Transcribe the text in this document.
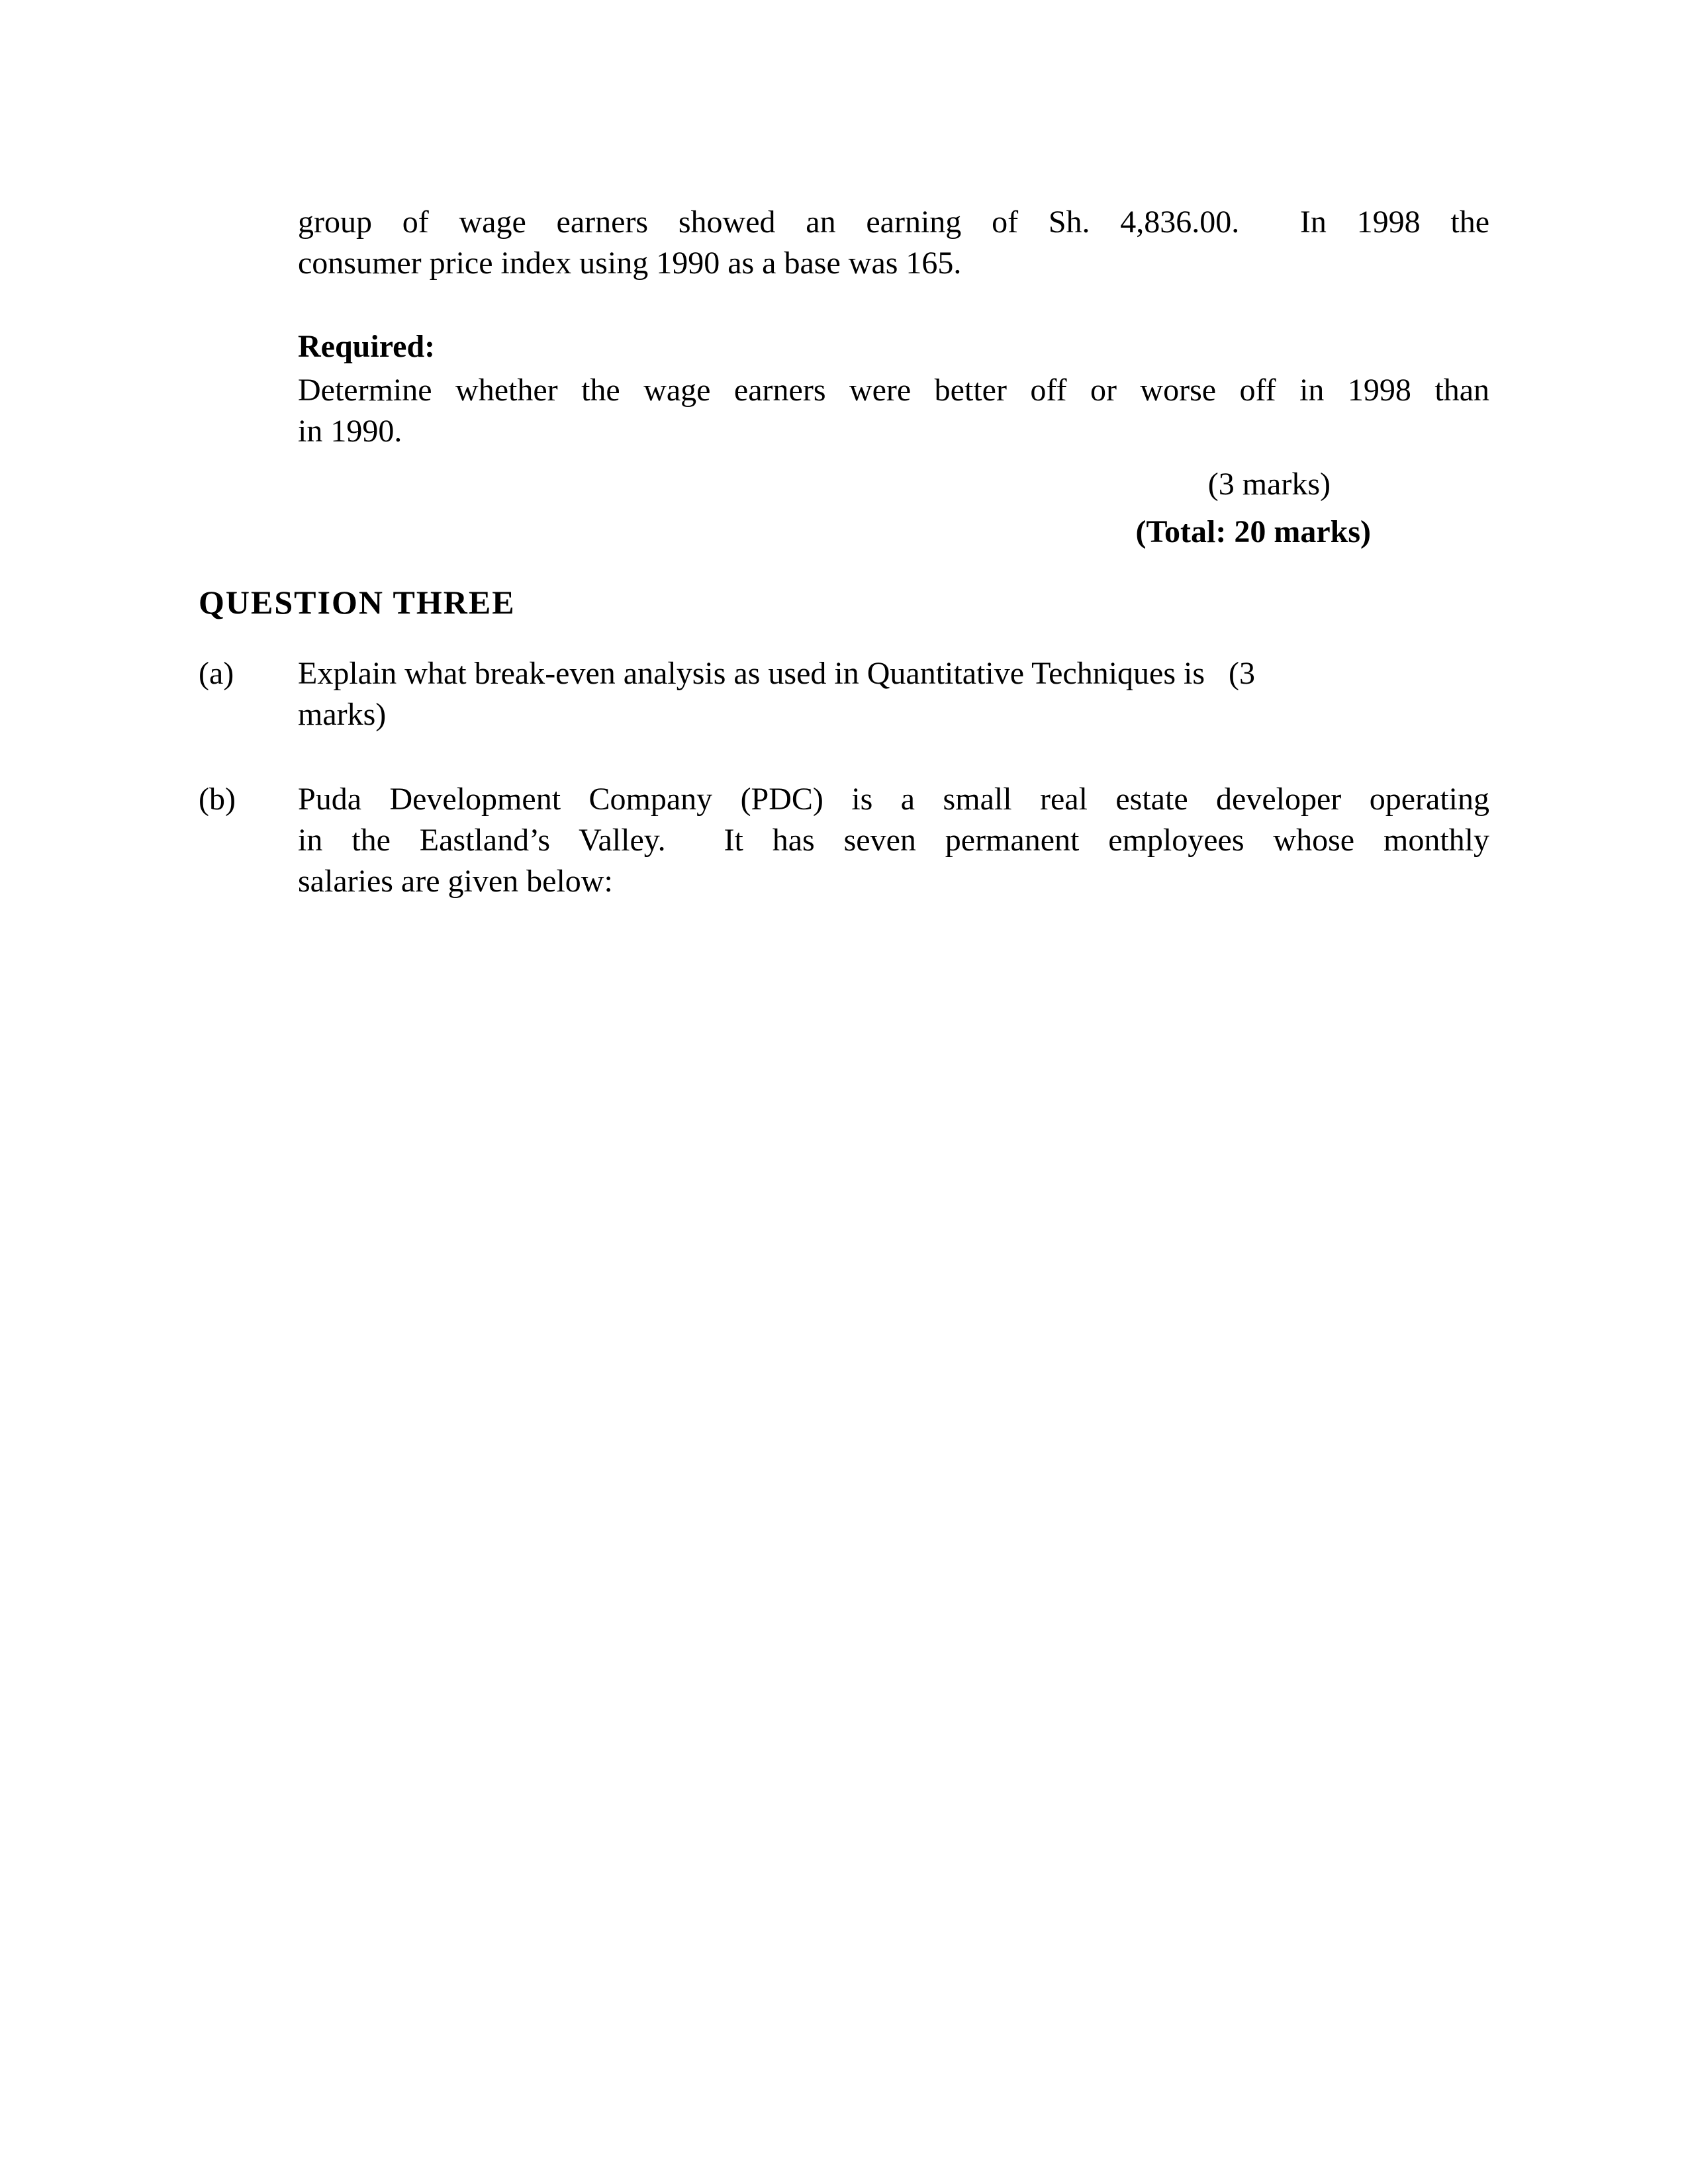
group of wage earners showed an earning of Sh. 4,836.00.  In 1998 the
consumer price index using 1990 as a base was 165.
Required:
Determine whether the wage earners were better off or worse off in 1998 than
in 1990.
(3 marks)
(Total: 20 marks)
QUESTION THREE
(a)	Explain what break-even analysis as used in Quantitative Techniques is   (3
marks)
(b)	Puda Development Company (PDC) is a small real estate developer operating
in the Eastland’s Valley.  It has seven permanent employees whose monthly
salaries are given below:
